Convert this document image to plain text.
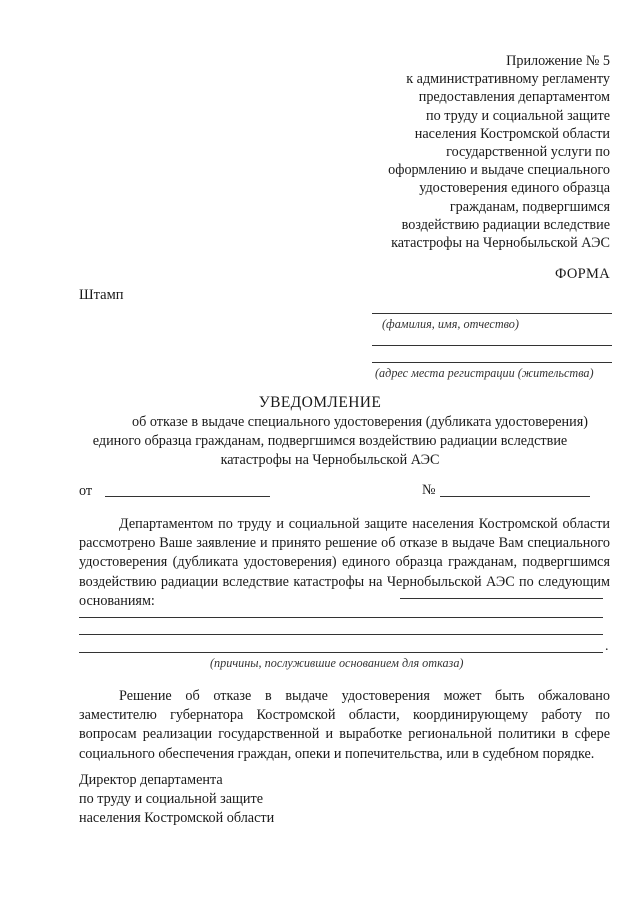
Приложение № 5
к административному регламенту
предоставления департаментом
по труду и социальной защите
населения Костромской области
государственной услуги по
оформлению и выдаче специального
удостоверения единого образца
гражданам, подвергшимся
воздействию радиации вследствие
катастрофы на Чернобыльской АЭС
ФОРМА
Штамп
(фамилия, имя, отчество)
(адрес места регистрации (жительства)
УВЕДОМЛЕНИЕ
об отказе в выдаче специального удостоверения (дубликата удостоверения)
единого образца гражданам, подвергшимся воздействию радиации вследствие
катастрофы на Чернобыльской АЭС
от	№
Департаментом по труду и социальной защите населения Костромской области рассмотрено Ваше заявление и принято решение об отказе в выдаче Вам специального удостоверения (дубликата удостоверения) единого образца гражданам, подвергшимся воздействию радиации вследствие катастрофы на Чернобыльской АЭС по следующим основаниям:
.
(причины, послужившие основанием для отказа)
Решение об отказе в выдаче удостоверения может быть обжаловано заместителю губернатора Костромской области, координирующему работу по вопросам реализации государственной и выработке региональной политики в сфере социального обеспечения граждан, опеки и попечительства, или в судебном порядке.
Директор департамента
по труду и социальной защите
населения Костромской области
